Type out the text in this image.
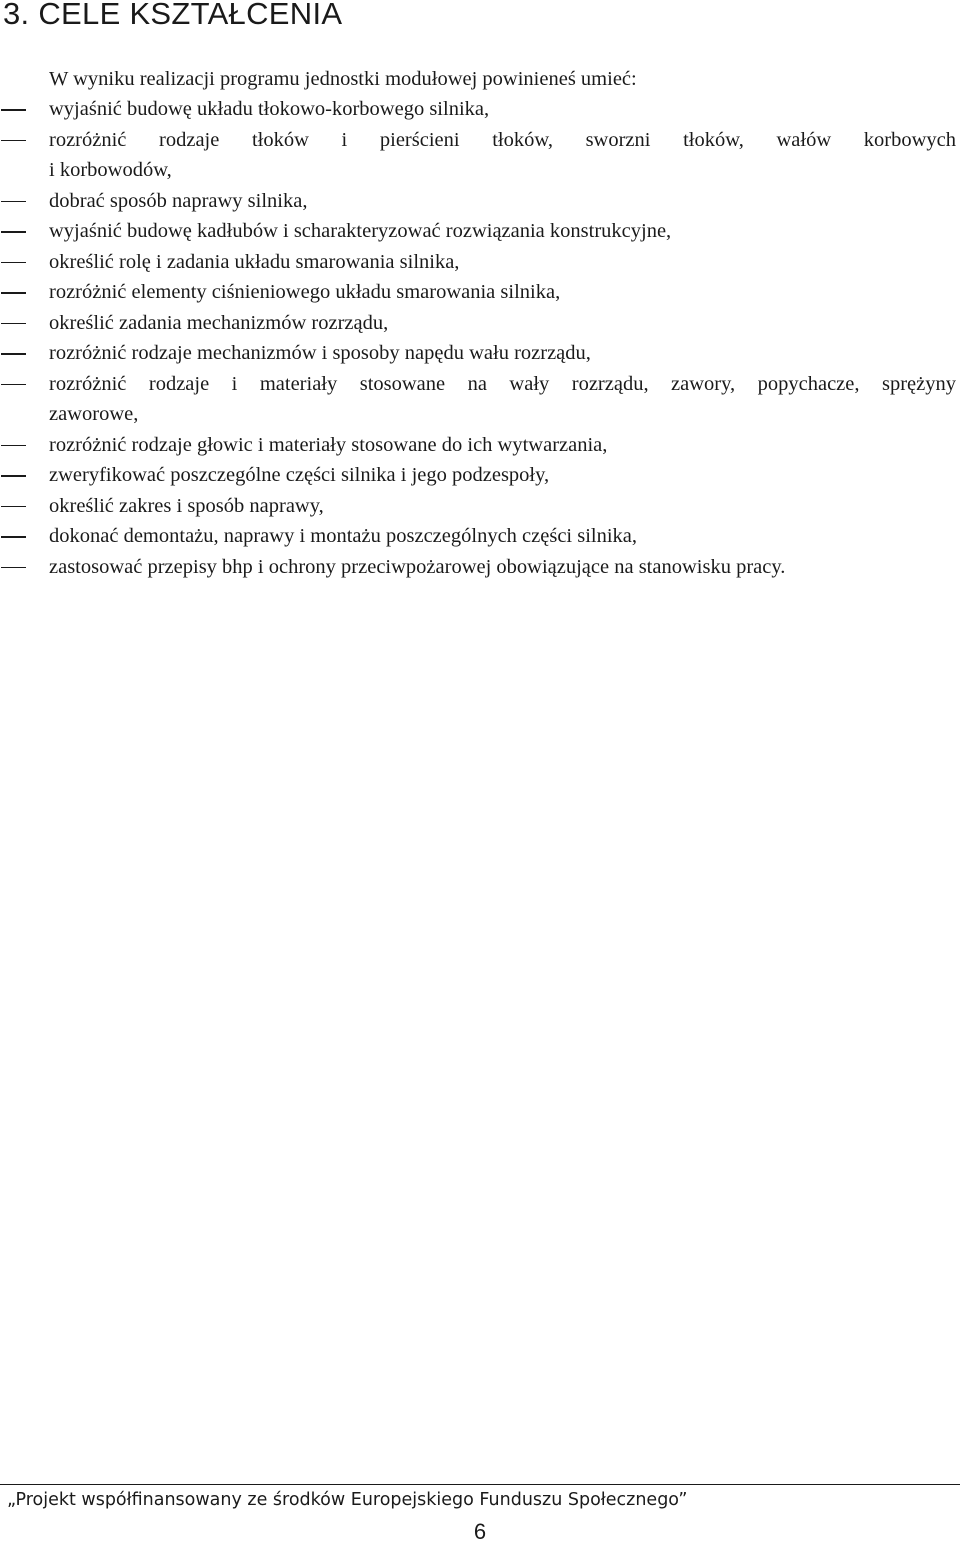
3. CELE KSZTAŁCENIA

W wyniku realizacji programu jednostki modułowej powinieneś umieć:

wyjaśnić budowę układu tłokowo-korbowego silnika,
rozróżnić rodzaje tłoków i pierścieni tłoków, sworzni tłoków, wałów korbowych
i korbowodów,
dobrać sposób naprawy silnika,
wyjaśnić budowę kadłubów i scharakteryzować rozwiązania konstrukcyjne,
określić rolę i zadania układu smarowania silnika,
rozróżnić elementy ciśnieniowego układu smarowania silnika,
określić zadania mechanizmów rozrządu,
rozróżnić rodzaje mechanizmów i sposoby napędu wału rozrządu,
rozróżnić rodzaje i materiały stosowane na wały rozrządu, zawory, popychacze, sprężyny
zaworowe,
rozróżnić rodzaje głowic i materiały stosowane do ich wytwarzania,
zweryfikować poszczególne części silnika i jego podzespoły,
określić zakres i sposób naprawy,
dokonać demontażu, naprawy i montażu poszczególnych części silnika,
zastosować przepisy bhp i ochrony przeciwpożarowej obowiązujące na stanowisku pracy.

„Projekt współfinansowany ze środków Europejskiego Funduszu Społecznego”

6
